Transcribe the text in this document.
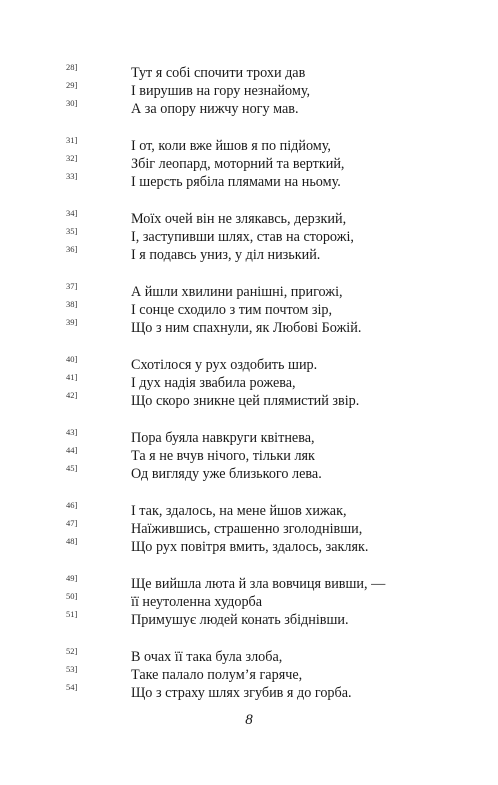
28]	Тут я собі спочити трохи дав
29]	І вирушив на гору незнайому,
30]	А за опору нижчу ногу мав.
31]	І от, коли вже йшов я по підйому,
32]	Збіг леопард, моторний та верткий,
33]	І шерсть рябіла плямами на ньому.
34]	Моїх очей він не злякавсь, дерзкий,
35]	І, заступивши шлях, став на сторожі,
36]	І я подавсь униз, у діл низький.
37]	А йшли хвилини ранішні, пригожі,
38]	І сонце сходило з тим почтом зір,
39]	Що з ним спахнули, як Любові Божій.
40]	Схотілося у рух оздобить шир.
41]	І дух надія звабила рожева,
42]	Що скоро зникне цей плямистий звір.
43]	Пора буяла навкруги квітнева,
44]	Та я не вчув нічого, тільки ляк
45]	Од вигляду уже близького лева.
46]	І так, здалось, на мене йшов хижак,
47]	Наїжившись, страшенно зголоднівши,
48]	Що рух повітря вмить, здалось, закляк.
49]	Ще вийшла люта й зла вовчиця вивши, —
50]	її неутоленна худорба
51]	Примушує людей конать збіднівши.
52]	В очах її така була злоба,
53]	Таке палало полум’я гаряче,
54]	Що з страху шлях згубив я до горба.
8
